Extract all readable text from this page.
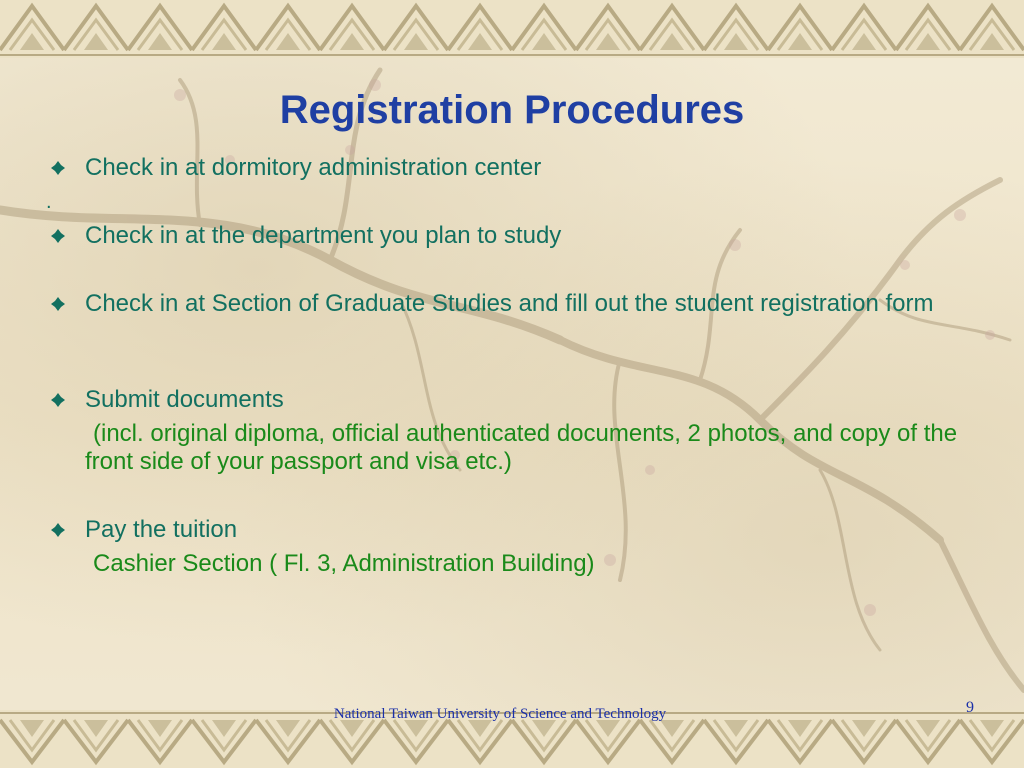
Registration Procedures
Check in at dormitory administration center
.
Check in at the department you plan to study
Check in at Section of Graduate Studies and fill out the student registration form
Submit documents
(incl. original diploma, official authenticated documents, 2 photos, and copy of the front side of your passport and visa etc.)
Pay the tuition
Cashier Section ( Fl. 3, Administration Building)
National Taiwan University of Science and Technology	9
